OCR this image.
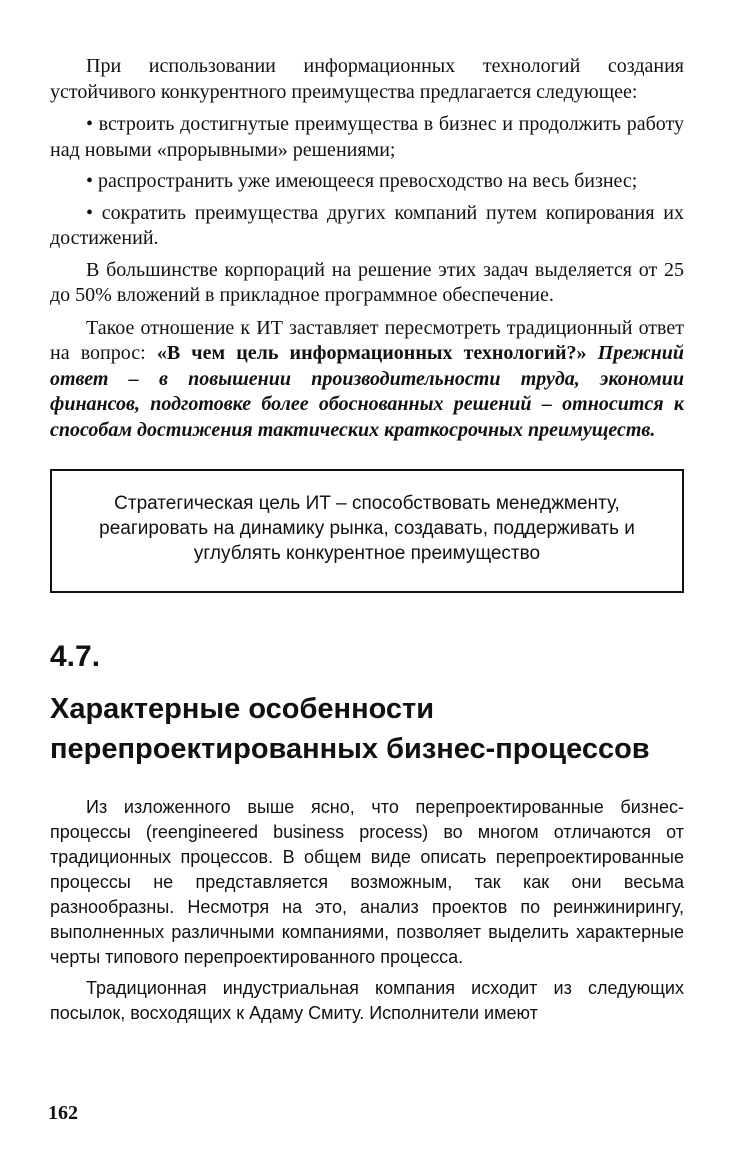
При использовании информационных технологий создания устойчивого конкурентного преимущества предлагается следующее:

• встроить достигнутые преимущества в бизнес и продолжить работу над новыми «прорывными» решениями;

• распространить уже имеющееся превосходство на весь бизнес;

• сократить преимущества других компаний путем копирования их достижений.

В большинстве корпораций на решение этих задач выделяется от 25 до 50% вложений в прикладное программное обеспечение.

Такое отношение к ИТ заставляет пересмотреть традиционный ответ на вопрос: «В чем цель информационных технологий?» Прежний ответ – в повышении производительности труда, экономии финансов, подготовке более обоснованных решений – относится к способам достижения тактических краткосрочных преимуществ.

Стратегическая цель ИТ – способствовать менеджменту, реагировать на динамику рынка, создавать, поддерживать и углублять конкурентное преимущество
4.7.
Характерные особенности перепроектированных бизнес-процессов

Из изложенного выше ясно, что перепроектированные бизнес-процессы (reengineered business process) во многом отличаются от традиционных процессов. В общем виде описать перепроектированные процессы не представляется возможным, так как они весьма разнообразны. Несмотря на это, анализ проектов по реинжинирингу, выполненных различными компаниями, позволяет выделить характерные черты типового перепроектированного процесса.

Традиционная индустриальная компания исходит из следующих посылок, восходящих к Адаму Смиту. Исполнители имеют

162
